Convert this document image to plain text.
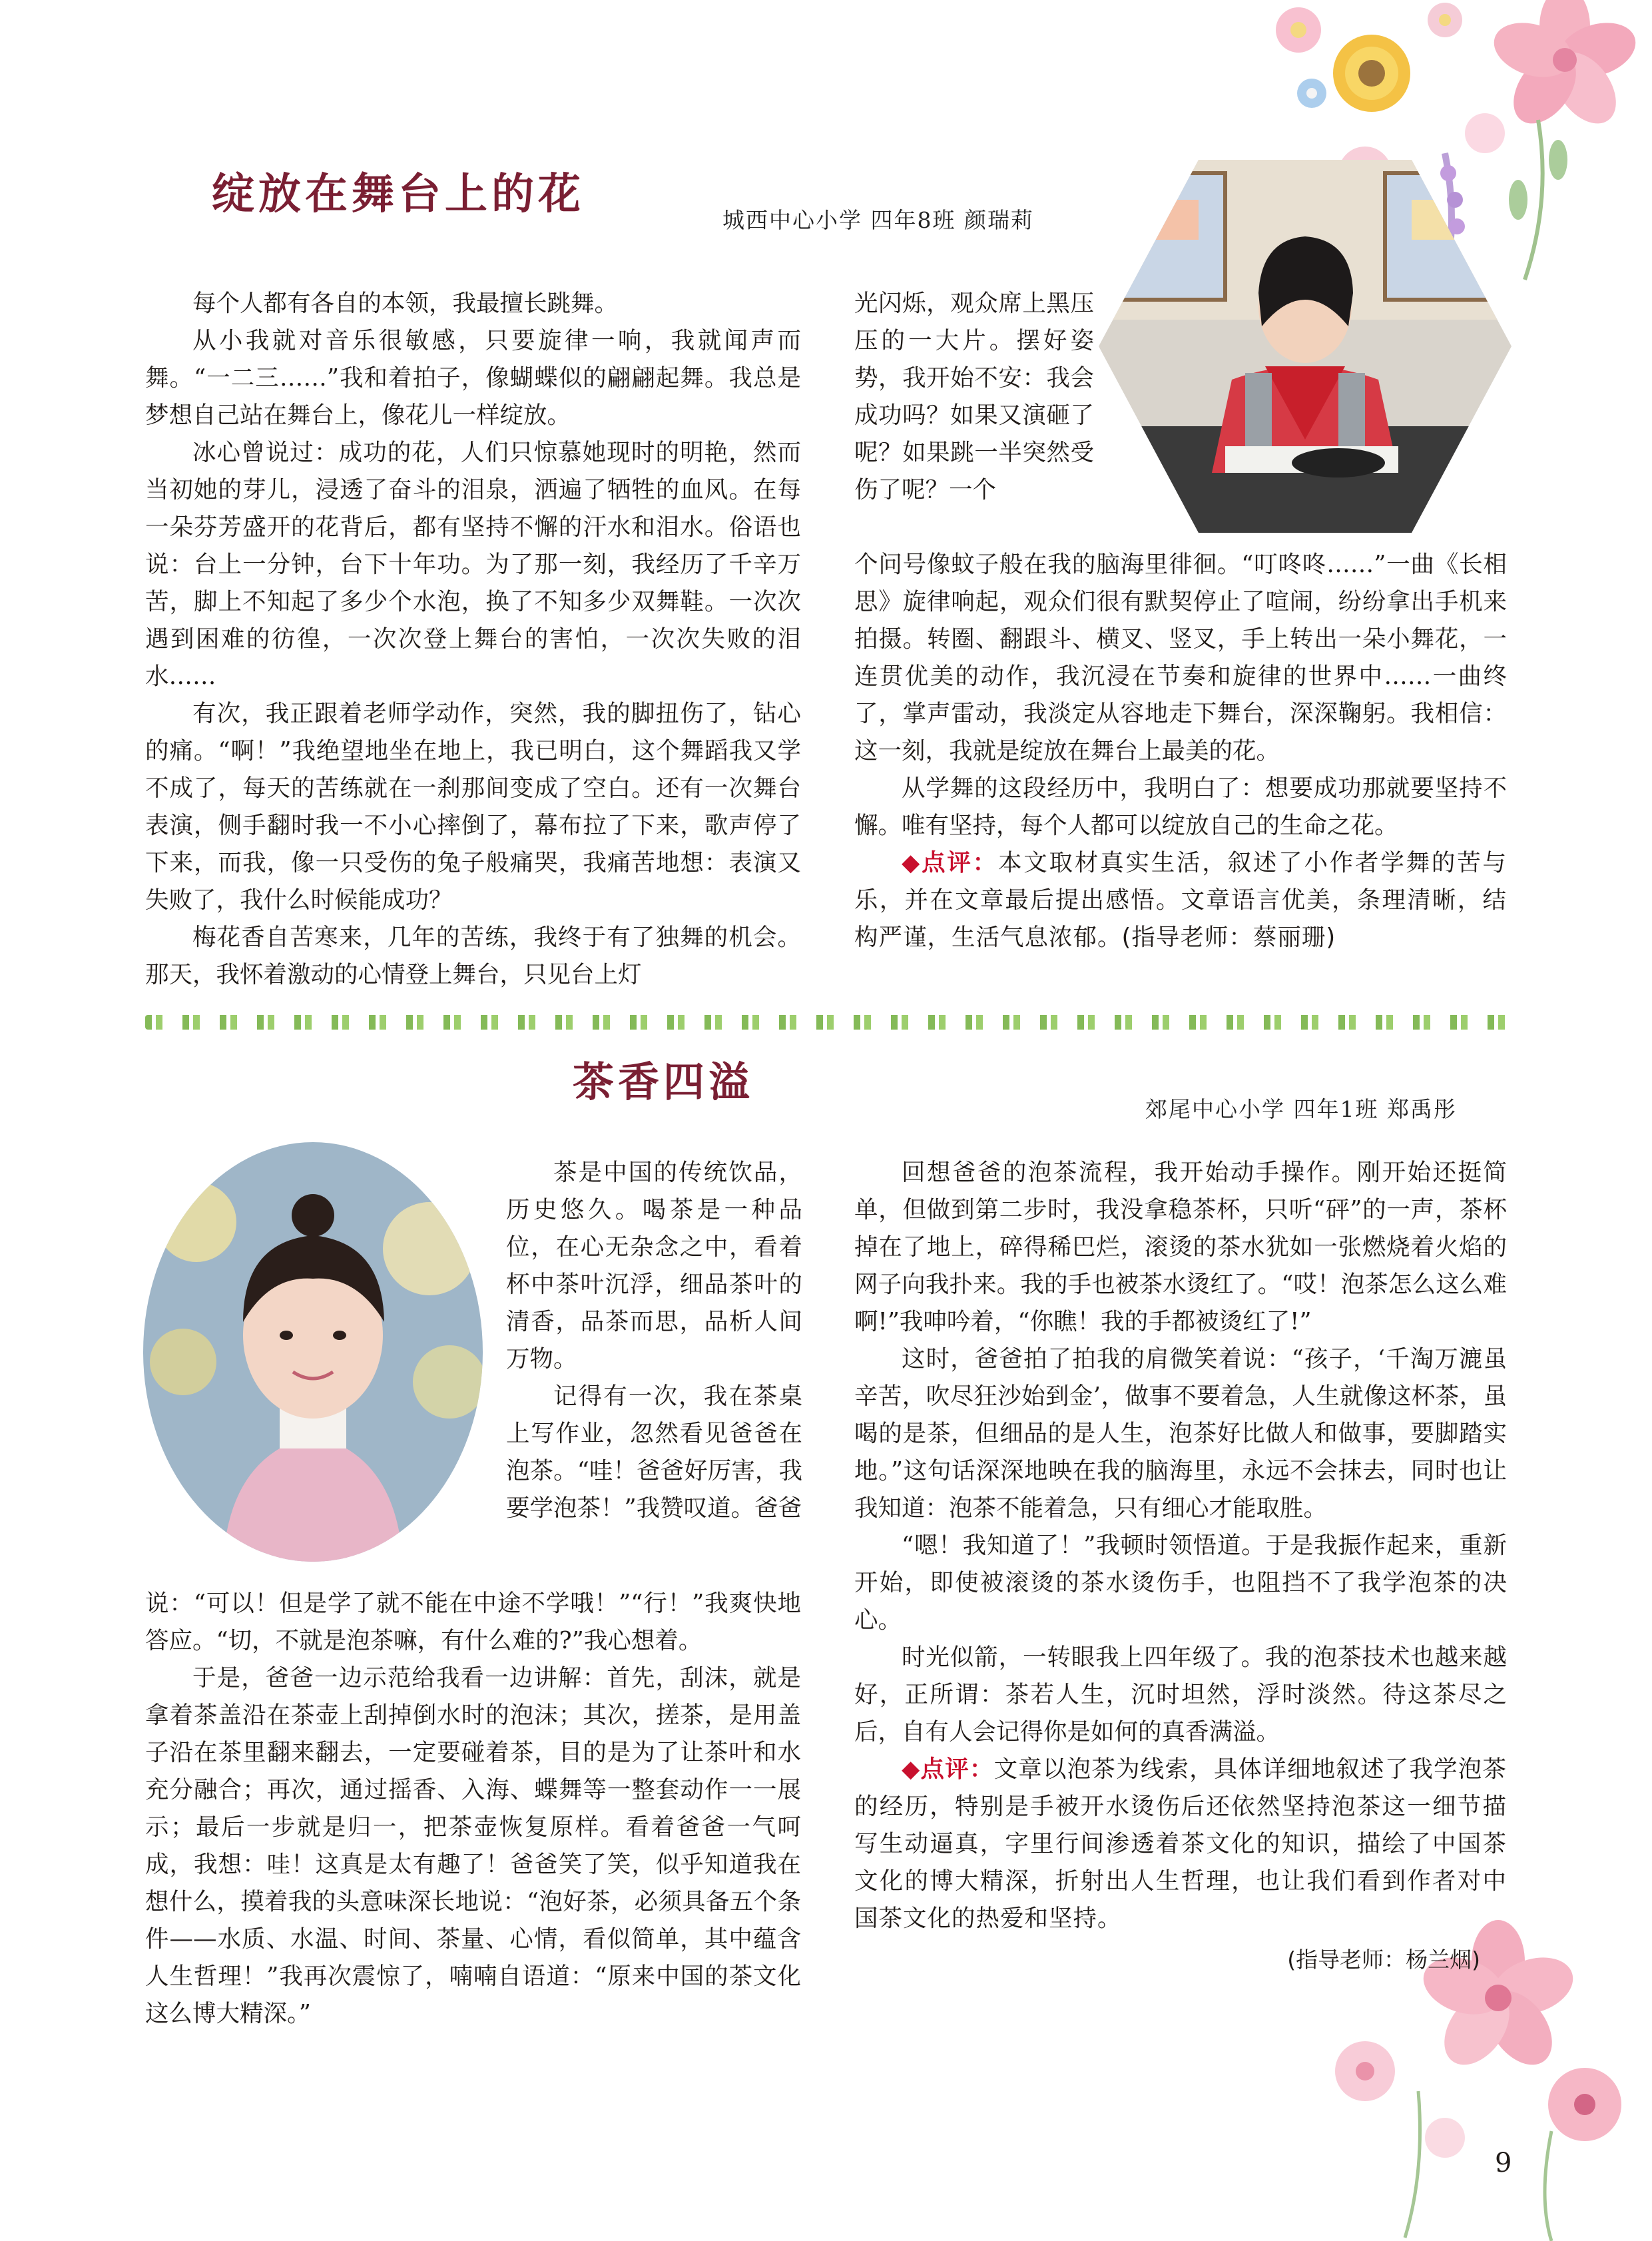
绽放在舞台上的花
城西中心小学 四年8班 颜瑞莉

每个人都有各自的本领，我最擅长跳舞。

从小我就对音乐很敏感，只要旋律一响，我就闻声而舞。“一二三……”我和着拍子，像蝴蝶似的翩翩起舞。我总是梦想自己站在舞台上，像花儿一样绽放。

冰心曾说过：成功的花，人们只惊慕她现时的明艳，然而当初她的芽儿，浸透了奋斗的泪泉，洒遍了牺牲的血风。在每一朵芬芳盛开的花背后，都有坚持不懈的汗水和泪水。俗语也说：台上一分钟，台下十年功。为了那一刻，我经历了千辛万苦，脚上不知起了多少个水泡，换了不知多少双舞鞋。一次次遇到困难的彷徨，一次次登上舞台的害怕，一次次失败的泪水……

有次，我正跟着老师学动作，突然，我的脚扭伤了，钻心的痛。“啊！”我绝望地坐在地上，我已明白，这个舞蹈我又学不成了，每天的苦练就在一刹那间变成了空白。还有一次舞台表演，侧手翻时我一不小心摔倒了，幕布拉了下来，歌声停了下来，而我，像一只受伤的兔子般痛哭，我痛苦地想：表演又失败了，我什么时候能成功？

梅花香自苦寒来，几年的苦练，我终于有了独舞的机会。那天，我怀着激动的心情登上舞台，只见台上灯

光闪烁，观众席上黑压压的一大片。摆好姿势，我开始不安：我会成功吗？如果又演砸了呢？如果跳一半突然受伤了呢？一个

个问号像蚊子般在我的脑海里徘徊。“叮咚咚……”一曲《长相思》旋律响起，观众们很有默契停止了喧闹，纷纷拿出手机来拍摄。转圈、翻跟斗、横叉、竖叉，手上转出一朵小舞花，一连贯优美的动作，我沉浸在节奏和旋律的世界中……一曲终了，掌声雷动，我淡定从容地走下舞台，深深鞠躬。我相信：这一刻，我就是绽放在舞台上最美的花。

从学舞的这段经历中，我明白了：想要成功那就要坚持不懈。唯有坚持，每个人都可以绽放自己的生命之花。

◆点评：本文取材真实生活，叙述了小作者学舞的苦与乐，并在文章最后提出感悟。文章语言优美，条理清晰，结构严谨，生活气息浓郁。(指导老师：蔡丽珊)

茶香四溢
郊尾中心小学 四年1班 郑禹彤

茶是中国的传统饮品，历史悠久。喝茶是一种品位，在心无杂念之中，看着杯中茶叶沉浮，细品茶叶的清香，品茶而思，品析人间万物。

记得有一次，我在茶桌上写作业，忽然看见爸爸在泡茶。“哇！爸爸好厉害，我要学泡茶！”我赞叹道。爸爸

说：“可以！但是学了就不能在中途不学哦！”“行！”我爽快地答应。“切，不就是泡茶嘛，有什么难的?”我心想着。

于是，爸爸一边示范给我看一边讲解：首先，刮沫，就是拿着茶盖沿在茶壶上刮掉倒水时的泡沫；其次，搓茶，是用盖子沿在茶里翻来翻去，一定要碰着茶，目的是为了让茶叶和水充分融合；再次，通过摇香、入海、蝶舞等一整套动作一一展示；最后一步就是归一，把茶壶恢复原样。看着爸爸一气呵成，我想：哇！这真是太有趣了！爸爸笑了笑，似乎知道我在想什么，摸着我的头意味深长地说：“泡好茶，必须具备五个条件——水质、水温、时间、茶量、心情，看似简单，其中蕴含人生哲理！”我再次震惊了，喃喃自语道：“原来中国的茶文化这么博大精深。”

回想爸爸的泡茶流程，我开始动手操作。刚开始还挺简单，但做到第二步时，我没拿稳茶杯，只听“砰”的一声，茶杯掉在了地上，碎得稀巴烂，滚烫的茶水犹如一张燃烧着火焰的网子向我扑来。我的手也被茶水烫红了。“哎！泡茶怎么这么难啊!”我呻吟着，“你瞧！我的手都被烫红了!”

这时，爸爸拍了拍我的肩微笑着说：“孩子，‘千淘万漉虽辛苦，吹尽狂沙始到金’，做事不要着急，人生就像这杯茶，虽喝的是茶，但细品的是人生，泡茶好比做人和做事，要脚踏实地。”这句话深深地映在我的脑海里，永远不会抹去，同时也让我知道：泡茶不能着急，只有细心才能取胜。

“嗯！我知道了！”我顿时领悟道。于是我振作起来，重新开始，即使被滚烫的茶水烫伤手，也阻挡不了我学泡茶的决心。

时光似箭，一转眼我上四年级了。我的泡茶技术也越来越好，正所谓：茶若人生，沉时坦然，浮时淡然。待这茶尽之后，自有人会记得你是如何的真香满溢。

◆点评：文章以泡茶为线索，具体详细地叙述了我学泡茶的经历，特别是手被开水烫伤后还依然坚持泡茶这一细节描写生动逼真，字里行间渗透着茶文化的知识，描绘了中国茶文化的博大精深，折射出人生哲理，也让我们看到作者对中国茶文化的热爱和坚持。

(指导老师：杨兰烟)
9
